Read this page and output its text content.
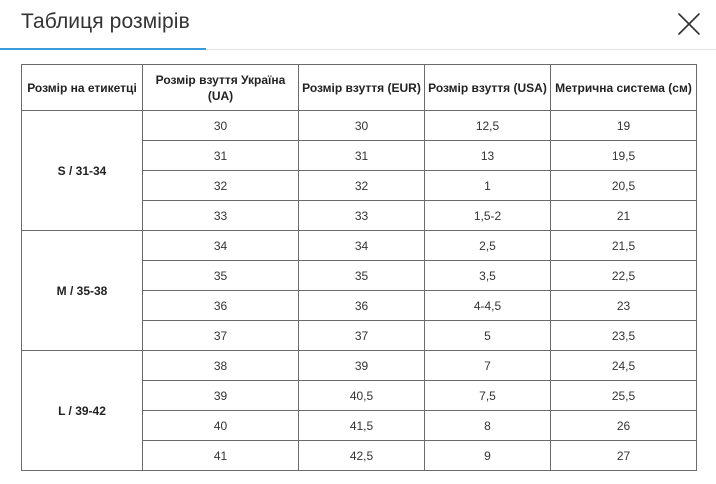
Таблиця розмірів
Розмір на етикетці	Розмір взуття Україна (UA)	Розмір взуття (EUR)	Розмір взуття (USA)	Метрична система (см)
S / 31-34	30	30	12,5	19
	31	31	13	19,5
	32	32	1	20,5
	33	33	1,5-2	21
M / 35-38	34	34	2,5	21,5
	35	35	3,5	22,5
	36	36	4-4,5	23
	37	37	5	23,5
L / 39-42	38	39	7	24,5
	39	40,5	7,5	25,5
	40	41,5	8	26
	41	42,5	9	27
